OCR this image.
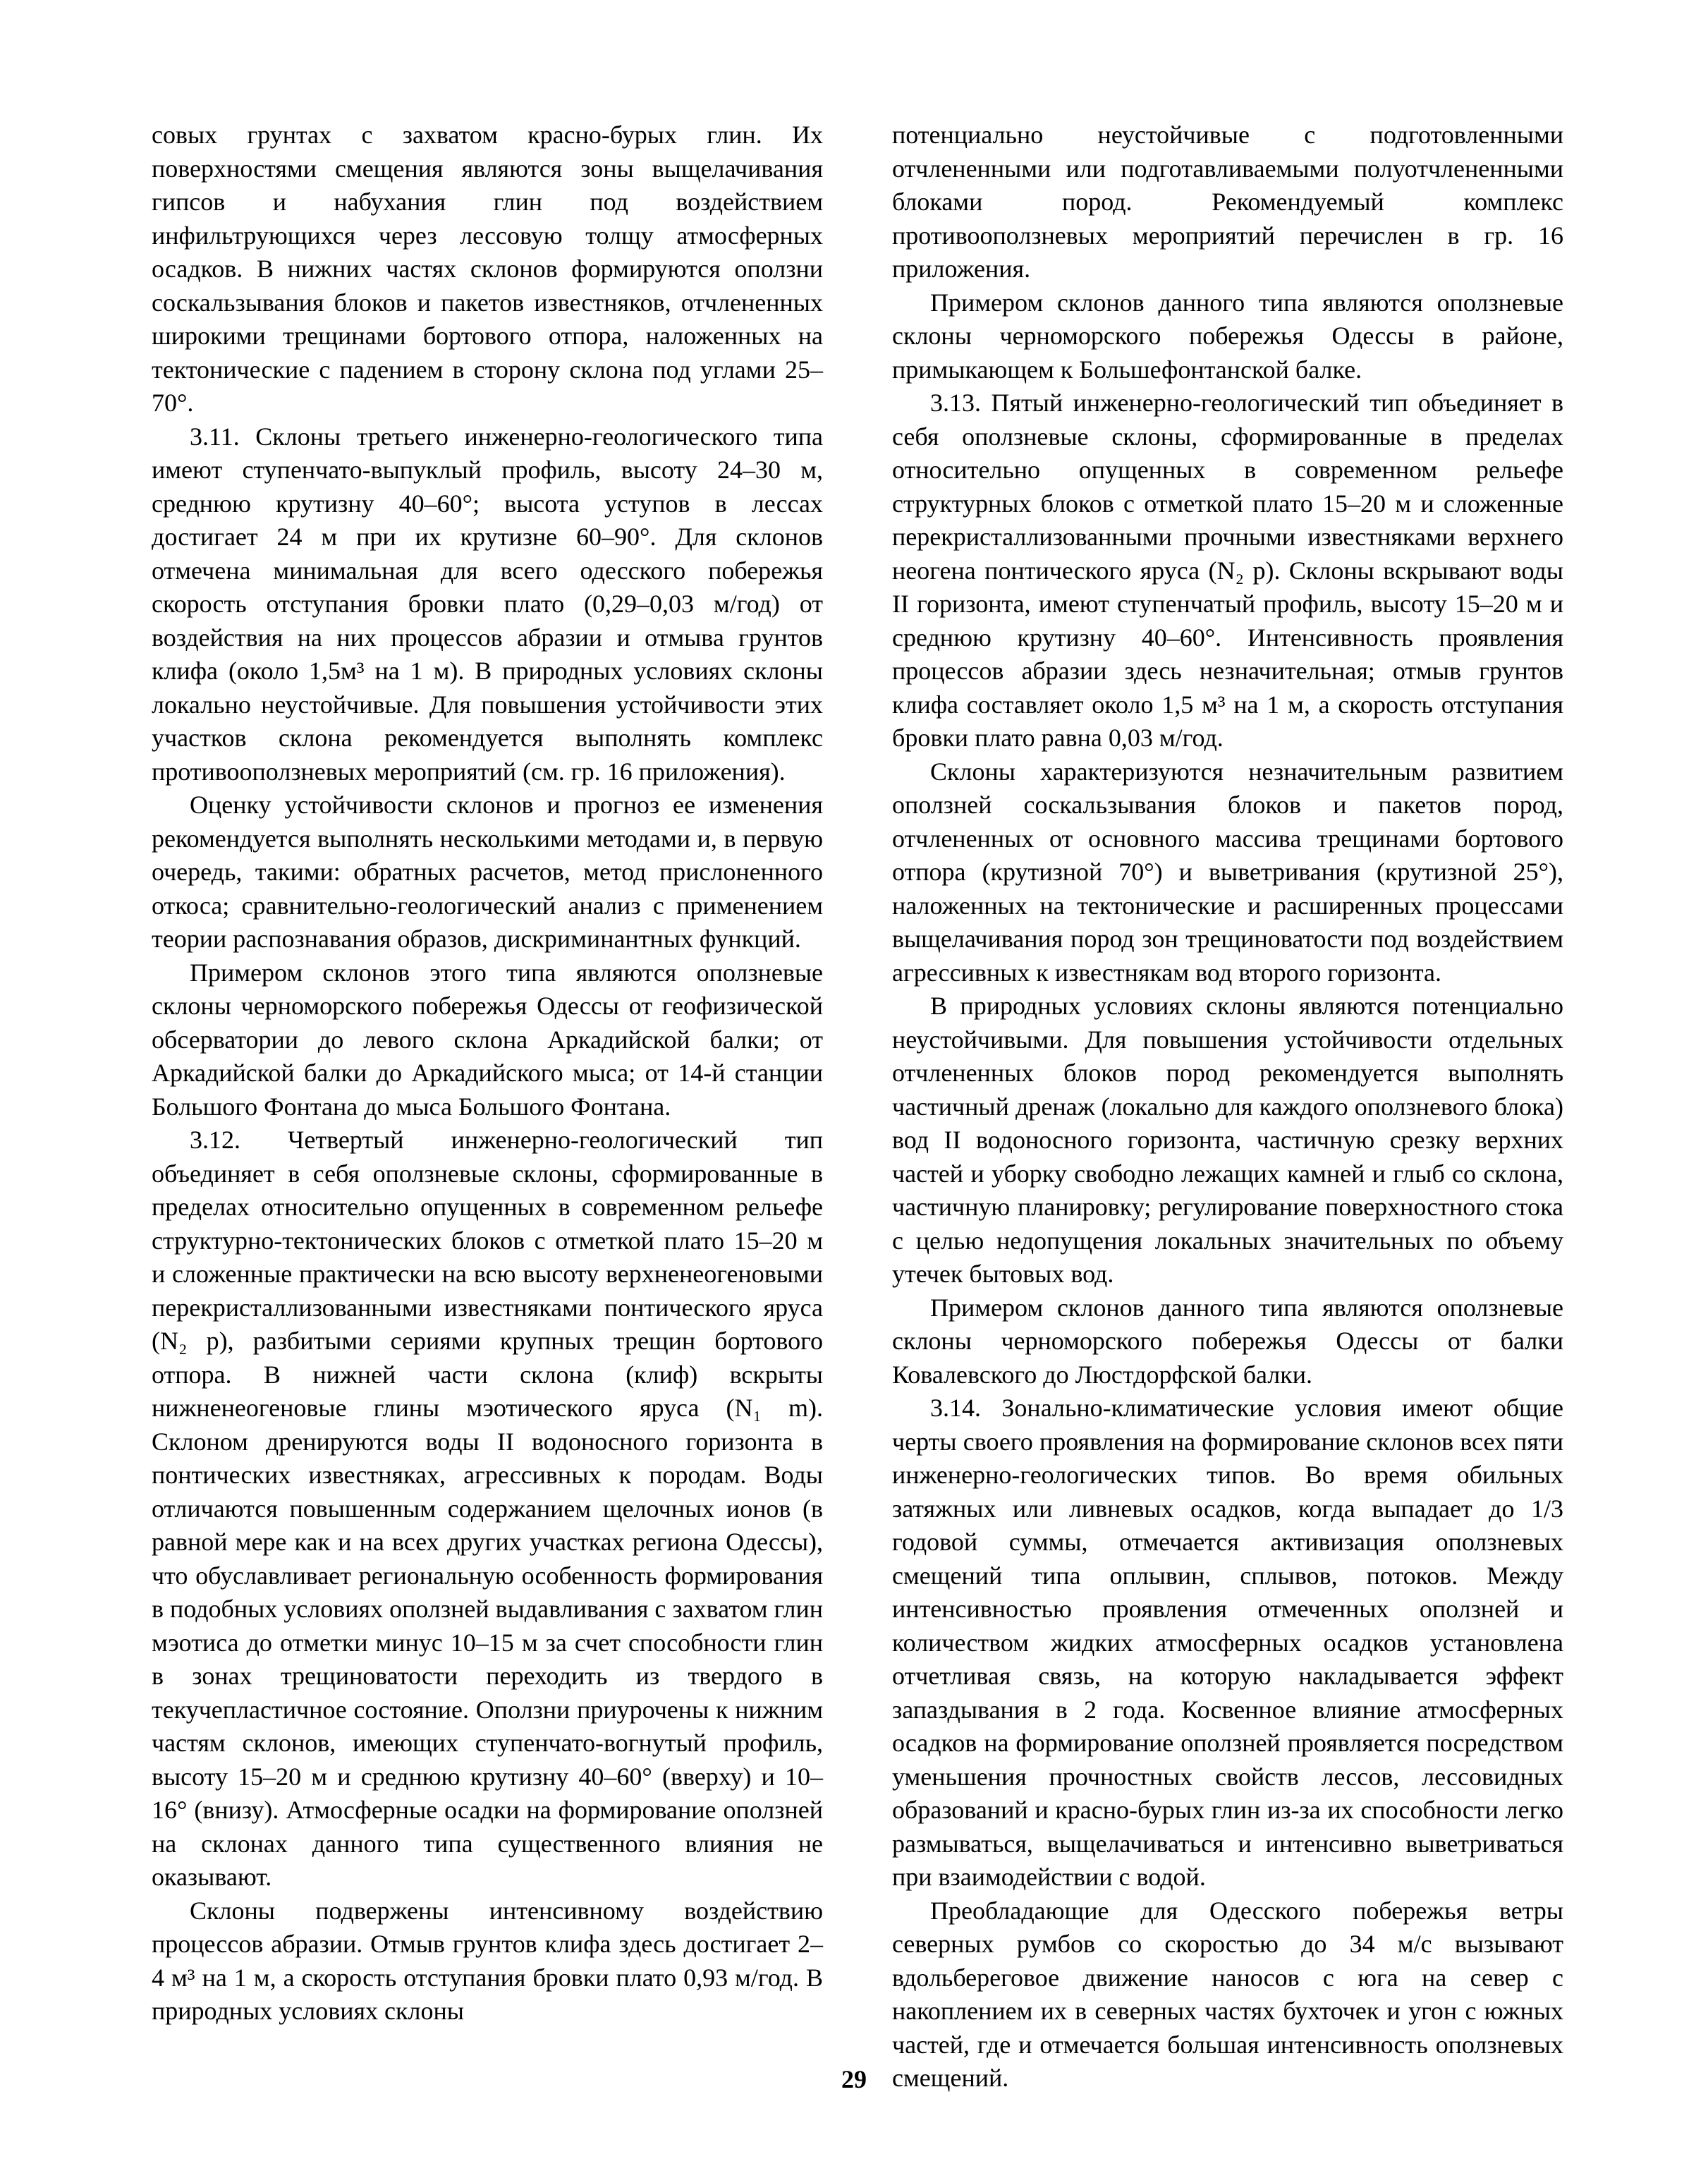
совых грунтах с захватом красно-бурых глин. Их поверхностями смещения являются зоны выщелачивания гипсов и набухания глин под воздействием инфильтрующихся через лессовую толщу атмосферных осадков. В нижних частях склонов формируются оползни соскальзывания блоков и пакетов известняков, отчлененных широкими трещинами бортового отпора, наложенных на тектонические с падением в сторону склона под углами 25–70°.

3.11. Склоны третьего инженерно-геологического типа имеют ступенчато-выпуклый профиль, высоту 24–30 м, среднюю крутизну 40–60°; высота уступов в лессах достигает 24 м при их крутизне 60–90°. Для склонов отмечена минимальная для всего одесского побережья скорость отступания бровки плато (0,29–0,03 м/год) от воздействия на них процессов абразии и отмыва грунтов клифа (около 1,5м³ на 1 м). В природных условиях склоны локально неустойчивые. Для повышения устойчивости этих участков склона рекомендуется выполнять комплекс противооползневых мероприятий (см. гр. 16 приложения).

Оценку устойчивости склонов и прогноз ее изменения рекомендуется выполнять несколькими методами и, в первую очередь, такими: обратных расчетов, метод прислоненного откоса; сравнительно-геологический анализ с применением теории распознавания образов, дискриминантных функций.

Примером склонов этого типа являются оползневые склоны черноморского побережья Одессы от геофизической обсерватории до левого склона Аркадийской балки; от Аркадийской балки до Аркадийского мыса; от 14-й станции Большого Фонтана до мыса Большого Фонтана.

3.12. Четвертый инженерно-геологический тип объединяет в себя оползневые склоны, сформированные в пределах относительно опущенных в современном рельефе структурно-тектонических блоков с отметкой плато 15–20 м и сложенные практически на всю высоту верхненеогеновыми перекристаллизованными известняками понтического яруса (N₂ p), разбитыми сериями крупных трещин бортового отпора. В нижней части склона (клиф) вскрыты нижненеогеновые глины мэотического яруса (N₁ m). Склоном дренируются воды II водоносного горизонта в понтических известняках, агрессивных к породам. Воды отличаются повышенным содержанием щелочных ионов (в равной мере как и на всех других участках региона Одессы), что обуславливает региональную особенность формирования в подобных условиях оползней выдавливания с захватом глин мэотиса до отметки минус 10–15 м за счет способности глин в зонах трещиноватости переходить из твердого в текучепластичное состояние. Оползни приурочены к нижним частям склонов, имеющих ступенчато-вогнутый профиль, высоту 15–20 м и среднюю крутизну 40–60° (вверху) и 10–16° (внизу). Атмосферные осадки на формирование оползней на склонах данного типа существенного влияния не оказывают.

Склоны подвержены интенсивному воздействию процессов абразии. Отмыв грунтов клифа здесь достигает 2–4 м³ на 1 м, а скорость отступания бровки плато 0,93 м/год. В природных условиях склоны

потенциально неустойчивые с подготовленными отчлененными или подготавливаемыми полуотчлененными блоками пород. Рекомендуемый комплекс противооползневых мероприятий перечислен в гр. 16 приложения.

Примером склонов данного типа являются оползневые склоны черноморского побережья Одессы в районе, примыкающем к Большефонтанской балке.

3.13. Пятый инженерно-геологический тип объединяет в себя оползневые склоны, сформированные в пределах относительно опущенных в современном рельефе структурных блоков с отметкой плато 15–20 м и сложенные перекристаллизованными прочными известняками верхнего неогена понтического яруса (N₂ p). Склоны вскрывают воды II горизонта, имеют ступенчатый профиль, высоту 15–20 м и среднюю крутизну 40–60°. Интенсивность проявления процессов абразии здесь незначительная; отмыв грунтов клифа составляет около 1,5 м³ на 1 м, а скорость отступания бровки плато равна 0,03 м/год.

Склоны характеризуются незначительным развитием оползней соскальзывания блоков и пакетов пород, отчлененных от основного массива трещинами бортового отпора (крутизной 70°) и выветривания (крутизной 25°), наложенных на тектонические и расширенных процессами выщелачивания пород зон трещиноватости под воздействием агрессивных к известнякам вод второго горизонта.

В природных условиях склоны являются потенциально неустойчивыми. Для повышения устойчивости отдельных отчлененных блоков пород рекомендуется выполнять частичный дренаж (локально для каждого оползневого блока) вод II водоносного горизонта, частичную срезку верхних частей и уборку свободно лежащих камней и глыб со склона, частичную планировку; регулирование поверхностного стока с целью недопущения локальных значительных по объему утечек бытовых вод.

Примером склонов данного типа являются оползневые склоны черноморского побережья Одессы от балки Ковалевского до Люстдорфской балки.

3.14. Зонально-климатические условия имеют общие черты своего проявления на формирование склонов всех пяти инженерно-геологических типов. Во время обильных затяжных или ливневых осадков, когда выпадает до 1/3 годовой суммы, отмечается активизация оползневых смещений типа оплывин, сплывов, потоков. Между интенсивностью проявления отмеченных оползней и количеством жидких атмосферных осадков установлена отчетливая связь, на которую накладывается эффект запаздывания в 2 года. Косвенное влияние атмосферных осадков на формирование оползней проявляется посредством уменьшения прочностных свойств лессов, лессовидных образований и красно-бурых глин из-за их способности легко размываться, выщелачиваться и интенсивно выветриваться при взаимодействии с водой.

Преобладающие для Одесского побережья ветры северных румбов со скоростью до 34 м/с вызывают вдольбереговое движение наносов с юга на север с накоплением их в северных частях бухточек и угон с южных частей, где и отмечается большая интенсивность оползневых смещений.

29
